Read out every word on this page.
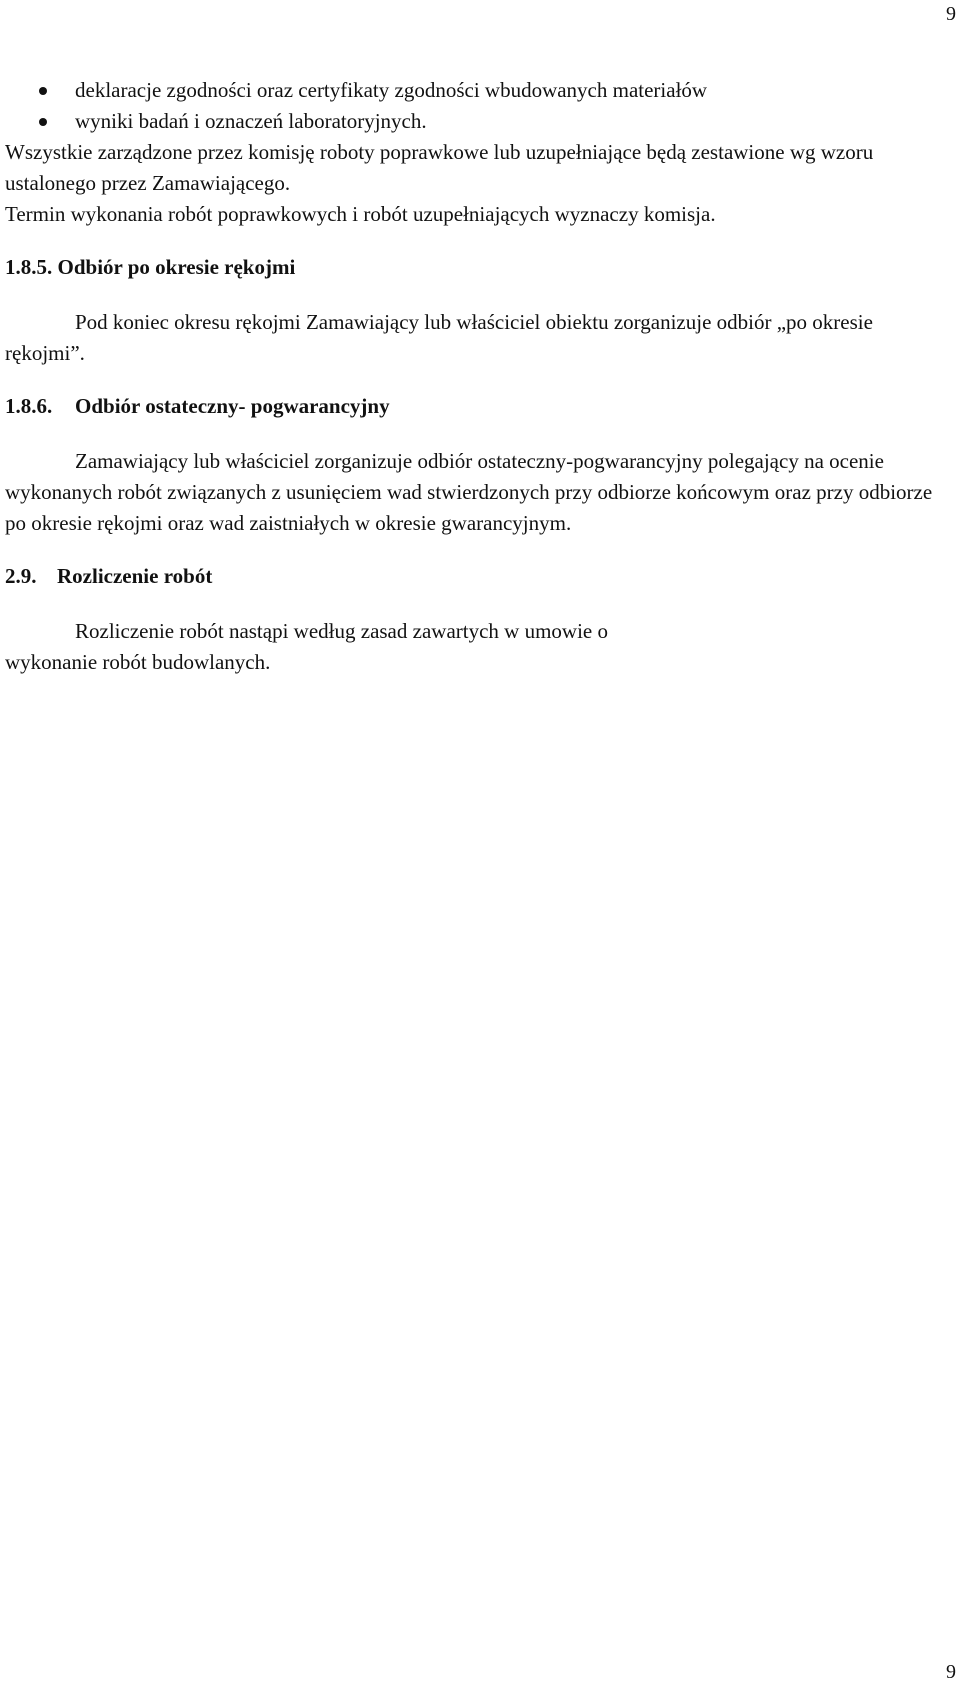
9
deklaracje zgodności oraz certyfikaty zgodności wbudowanych materiałów
wyniki badań i oznaczeń laboratoryjnych.

Wszystkie zarządzone przez komisję roboty poprawkowe lub uzupełniające będą zestawione wg wzoru ustalonego przez Zamawiającego.

Termin wykonania robót poprawkowych i robót uzupełniających wyznaczy komisja.

1.8.5. Odbiór po okresie rękojmi

Pod koniec okresu rękojmi Zamawiający lub właściciel obiektu zorganizuje odbiór „po okresie rękojmi”.

1.8.6. Odbiór ostateczny- pogwarancyjny

Zamawiający lub właściciel zorganizuje odbiór ostateczny-pogwarancyjny polegający na ocenie wykonanych robót związanych z usunięciem wad stwierdzonych przy odbiorze końcowym oraz przy odbiorze po okresie rękojmi oraz wad zaistniałych w okresie gwarancyjnym.

2.9. Rozliczenie robót

Rozliczenie robót nastąpi według zasad zawartych w umowie o

wykonanie robót budowlanych.

9
